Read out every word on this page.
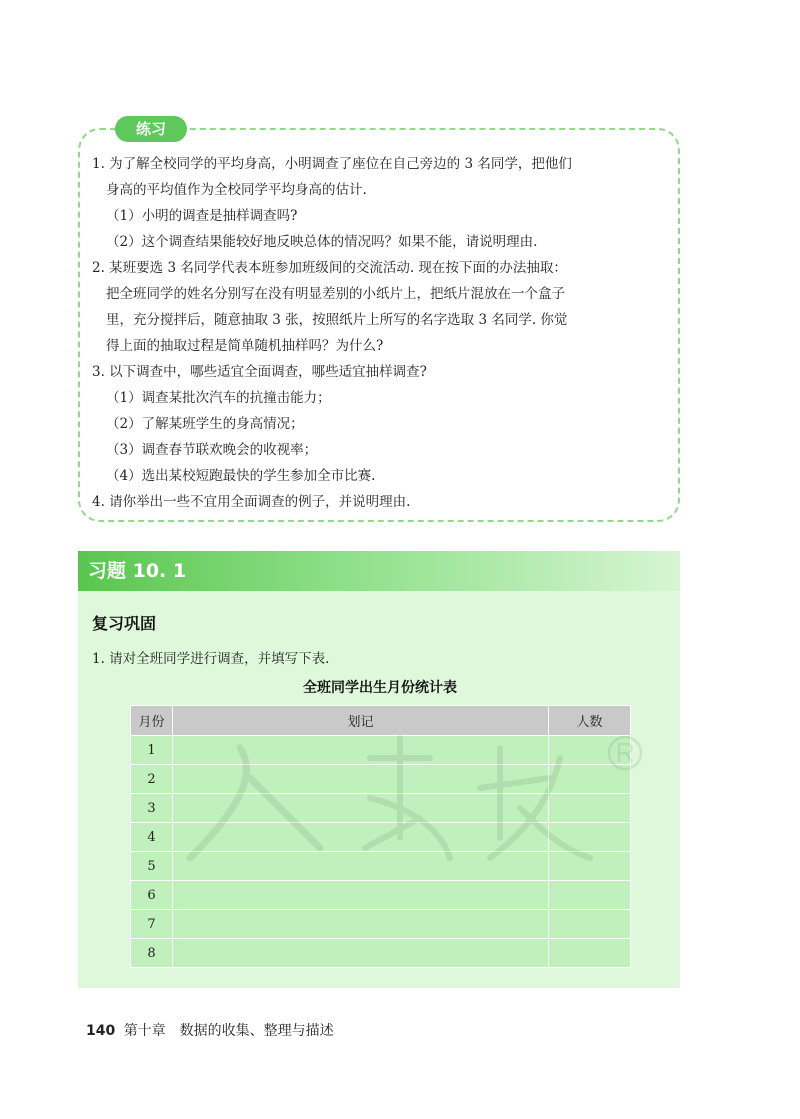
练习
1. 为了解全校同学的平均身高，小明调查了座位在自己旁边的 3 名同学，把他们
身高的平均值作为全校同学平均身高的估计.
（1）小明的调查是抽样调查吗?
（2）这个调查结果能较好地反映总体的情况吗？如果不能，请说明理由.
2. 某班要选 3 名同学代表本班参加班级间的交流活动. 现在按下面的办法抽取：
把全班同学的姓名分别写在没有明显差别的小纸片上，把纸片混放在一个盒子
里，充分搅拌后，随意抽取 3 张，按照纸片上所写的名字选取 3 名同学. 你觉
得上面的抽取过程是简单随机抽样吗？为什么?
3. 以下调查中，哪些适宜全面调查，哪些适宜抽样调查?
（1）调查某批次汽车的抗撞击能力；
（2）了解某班学生的身高情况；
（3）调查春节联欢晚会的收视率；
（4）选出某校短跑最快的学生参加全市比赛.
4. 请你举出一些不宜用全面调查的例子，并说明理由.
习题 10. 1
复习巩固
1. 请对全班同学进行调查，并填写下表.
全班同学出生月份统计表
月份	划记	人数
1		
2		
3		
4		
5		
6		
7		
8		
140 第十章　数据的收集、整理与描述
